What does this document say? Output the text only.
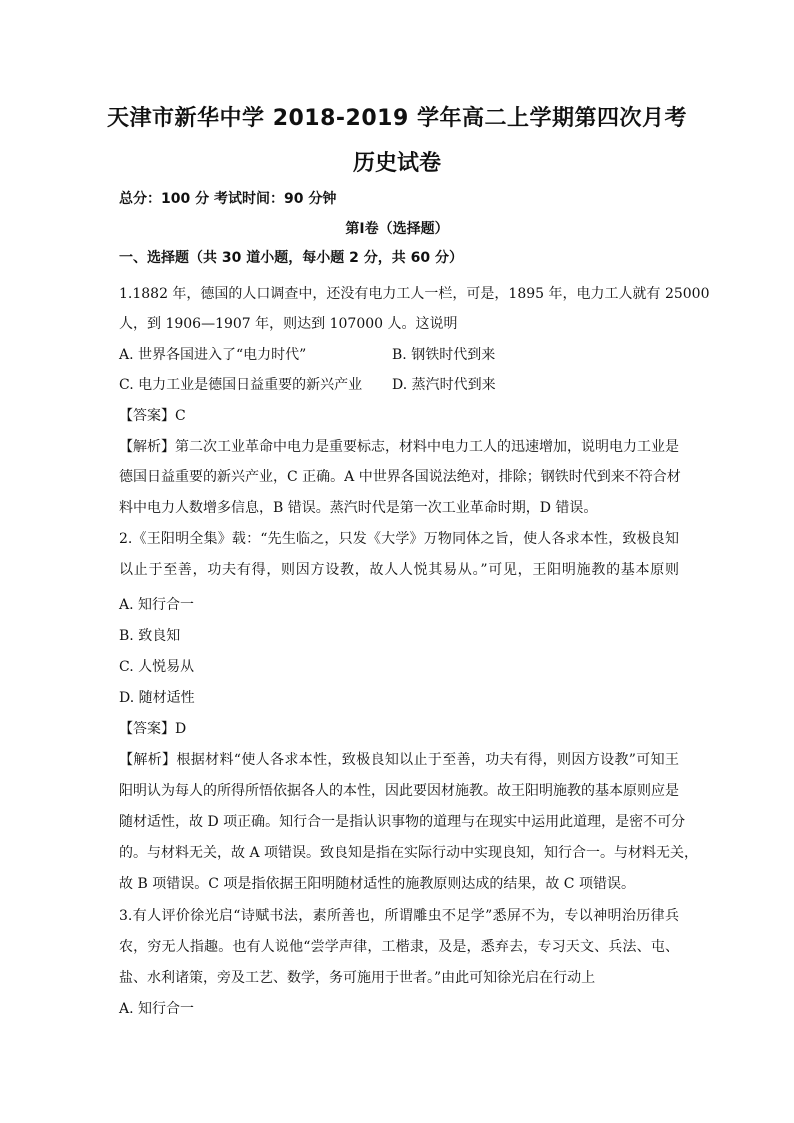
天津市新华中学 2018-2019 学年高二上学期第四次月考
历史试卷
总分：100 分 考试时间：90 分钟
第Ⅰ卷（选择题）
一、选择题（共 30 道小题，每小题 2 分，共 60 分）
1.1882 年，德国的人口调查中，还没有电力工人一栏，可是，1895 年，电力工人就有 25000
人，到 1906—1907 年，则达到 107000 人。这说明
A. 世界各国进入了“电力时代”	B. 钢铁时代到来
C. 电力工业是德国日益重要的新兴产业	D. 蒸汽时代到来
【答案】C
【解析】第二次工业革命中电力是重要标志，材料中电力工人的迅速增加，说明电力工业是
德国日益重要的新兴产业，C 正确。A 中世界各国说法绝对，排除；钢铁时代到来不符合材
料中电力人数增多信息，B 错误。蒸汽时代是第一次工业革命时期，D 错误。
2.《王阳明全集》载：“先生临之，只发《大学》万物同体之旨，使人各求本性，致极良知
以止于至善，功夫有得，则因方设教，故人人悦其易从。”可见，王阳明施教的基本原则
A. 知行合一
B. 致良知
C. 人悦易从
D. 随材适性
【答案】D
【解析】根据材料“使人各求本性，致极良知以止于至善，功夫有得，则因方设教”可知王
阳明认为每人的所得所悟依据各人的本性，因此要因材施教。故王阳明施教的基本原则应是
随材适性，故 D 项正确。知行合一是指认识事物的道理与在现实中运用此道理，是密不可分
的。与材料无关，故 A 项错误。致良知是指在实际行动中实现良知，知行合一。与材料无关，
故 B 项错误。C 项是指依据王阳明随材适性的施教原则达成的结果，故 C 项错误。
3.有人评价徐光启“诗赋书法，素所善也，所谓雕虫不足学”悉屏不为，专以神明治历律兵
农，穷无人指趣。也有人说他“尝学声律，工楷隶，及是，悉弃去，专习天文、兵法、屯、
盐、水利诸策，旁及工艺、数学，务可施用于世者。”由此可知徐光启在行动上
A. 知行合一
